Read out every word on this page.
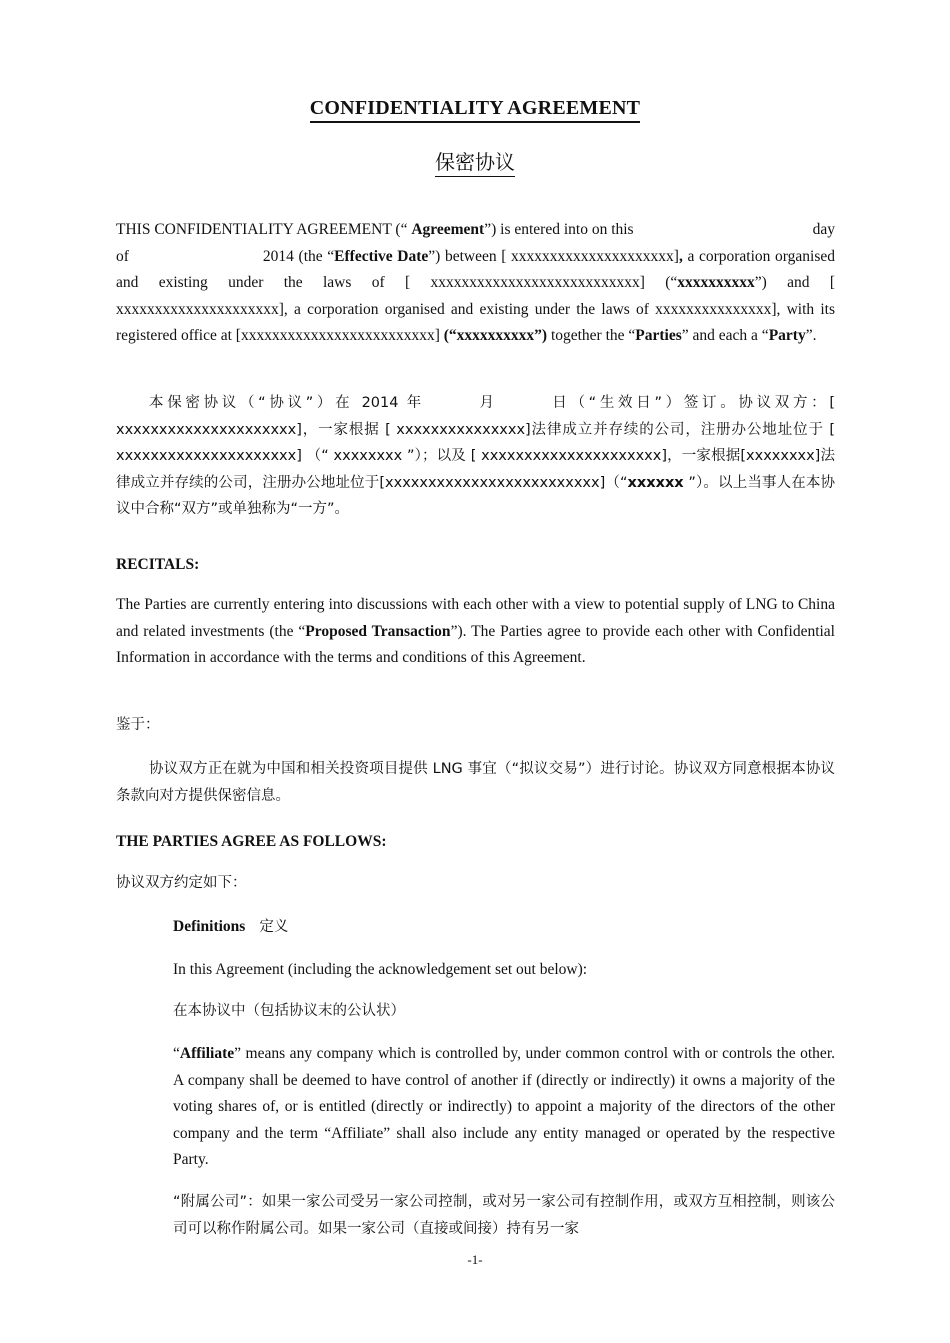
CONFIDENTIALITY AGREEMENT
保密协议

THIS CONFIDENTIALITY AGREEMENT (“ Agreement”) is entered into on this	day

of	2014 (the “Effective Date”) between [ xxxxxxxxxxxxxxxxxxxxx], a corporation organised and existing under the laws of [ xxxxxxxxxxxxxxxxxxxxxxxxxxx] (“xxxxxxxxxx”) and [ xxxxxxxxxxxxxxxxxxxxx], a corporation organised and existing under the laws of xxxxxxxxxxxxxxx], with its registered office at [xxxxxxxxxxxxxxxxxxxxxxxxx] (“xxxxxxxxxx”) together the “Parties” and each a “Party”.

本保密协议（“协议”）在 2014 年　　　月　　　日（“生效日”）签订。协议双方：[ xxxxxxxxxxxxxxxxxxxxx]，一家根据 [ xxxxxxxxxxxxxxx]法律成立并存续的公司，注册办公地址位于 [ xxxxxxxxxxxxxxxxxxxxx] （“ xxxxxxxx ”）；以及 [ xxxxxxxxxxxxxxxxxxxxx]，一家根据[xxxxxxxx]法律成立并存续的公司，注册办公地址位于[xxxxxxxxxxxxxxxxxxxxxxxxx]（“xxxxxx ”）。以上当事人在本协议中合称“双方”或单独称为“一方”。

RECITALS:

The Parties are currently entering into discussions with each other with a view to potential supply of LNG to China and related investments (the “Proposed Transaction”). The Parties agree to provide each other with Confidential Information in accordance with the terms and conditions of this Agreement.

鉴于：

协议双方正在就为中国和相关投资项目提供 LNG 事宜（“拟议交易”）进行讨论。协议双方同意根据本协议条款向对方提供保密信息。

THE PARTIES AGREE AS FOLLOWS:

协议双方约定如下：

Definitions 定义

In this Agreement (including the acknowledgement set out below):

在本协议中（包括协议末的公认状）

“Affiliate” means any company which is controlled by, under common control with or controls the other. A company shall be deemed to have control of another if (directly or indirectly) it owns a majority of the voting shares of, or is entitled (directly or indirectly) to appoint a majority of the directors of the other company and the term “Affiliate” shall also include any entity managed or operated by the respective Party.

“附属公司”：如果一家公司受另一家公司控制，或对另一家公司有控制作用，或双方互相控制，则该公司可以称作附属公司。如果一家公司（直接或间接）持有另一家

-1-
